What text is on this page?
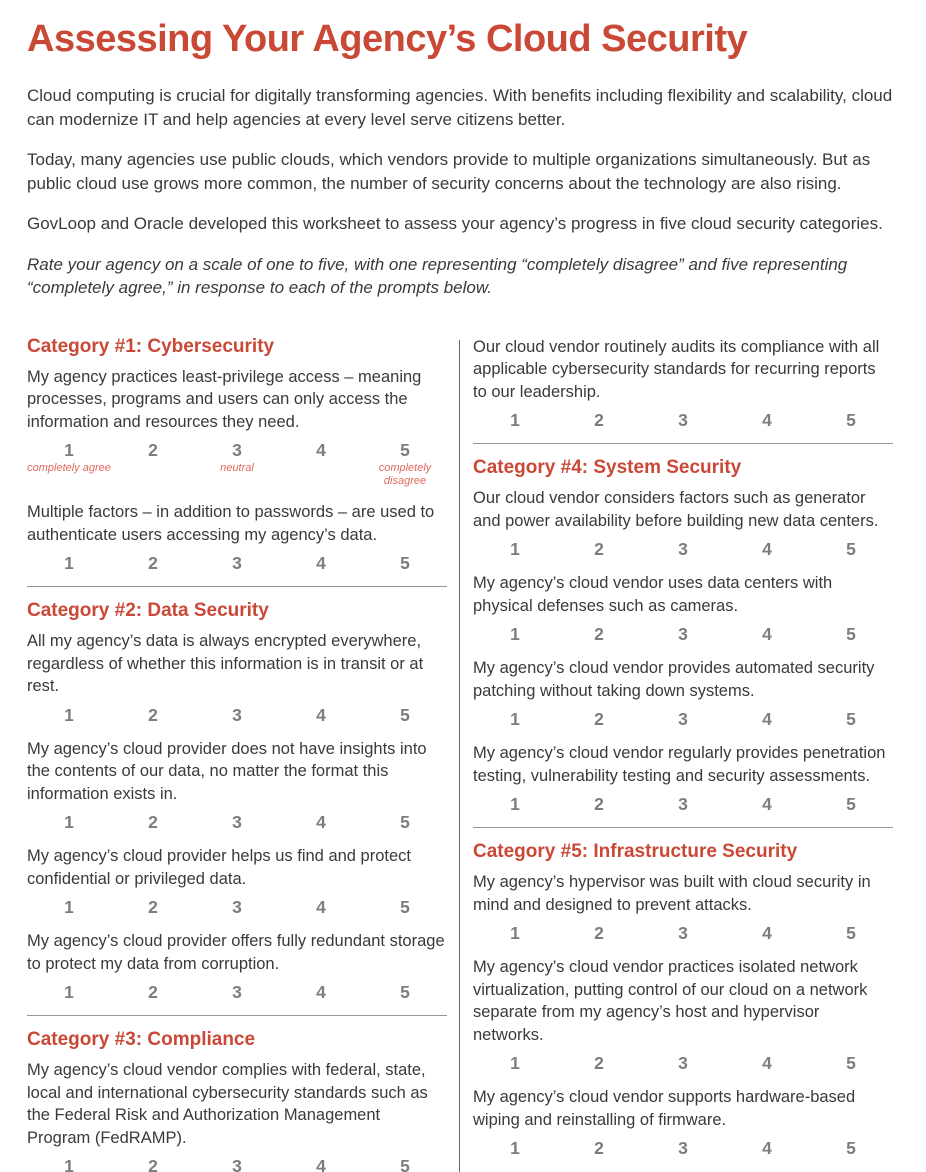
Assessing Your Agency’s Cloud Security

Cloud computing is crucial for digitally transforming agencies. With benefits including flexibility and scalability, cloud can modernize IT and help agencies at every level serve citizens better.

Today, many agencies use public clouds, which vendors provide to multiple organizations simultaneously. But as public cloud use grows more common, the number of security concerns about the technology are also rising.

GovLoop and Oracle developed this worksheet to assess your agency’s progress in five cloud security categories.

Rate your agency on a scale of one to five, with one representing “completely disagree” and five representing “completely agree,” in response to each of the prompts below.

Category #1: Cybersecurity

My agency practices least-privilege access – meaning processes, programs and users can only access the information and resources they need.

1
completely agree
2	3
neutral
4	5
completely disagree

Multiple factors – in addition to passwords – are used to authenticate users accessing my agency’s data.

1	2	3	4	5
Category #2: Data Security

All my agency’s data is always encrypted everywhere, regardless of whether this information is in transit or at rest.

1	2	3	4	5

My agency’s cloud provider does not have insights into the contents of our data, no matter the format this information exists in.

1	2	3	4	5

My agency’s cloud provider helps us find and protect confidential or privileged data.

1	2	3	4	5

My agency’s cloud provider offers fully redundant storage to protect my data from corruption.

1	2	3	4	5
Category #3: Compliance

My agency’s cloud vendor complies with federal, state, local and international cybersecurity standards such as the Federal Risk and Authorization Management Program (FedRAMP).

1	2	3	4	5

Our cloud vendor routinely audits its compliance with all applicable cybersecurity standards for recurring reports to our leadership.

1	2	3	4	5
Category #4: System Security

Our cloud vendor considers factors such as generator and power availability before building new data centers.

1	2	3	4	5

My agency’s cloud vendor uses data centers with physical defenses such as cameras.

1	2	3	4	5

My agency’s cloud vendor provides automated security patching without taking down systems.

1	2	3	4	5

My agency’s cloud vendor regularly provides penetration testing, vulnerability testing and security assessments.

1	2	3	4	5
Category #5: Infrastructure Security

My agency’s hypervisor was built with cloud security in mind and designed to prevent attacks.

1	2	3	4	5

My agency’s cloud vendor practices isolated network virtualization, putting control of our cloud on a network separate from my agency’s host and hypervisor networks.

1	2	3	4	5

My agency’s cloud vendor supports hardware-based wiping and reinstalling of firmware.

1	2	3	4	5
